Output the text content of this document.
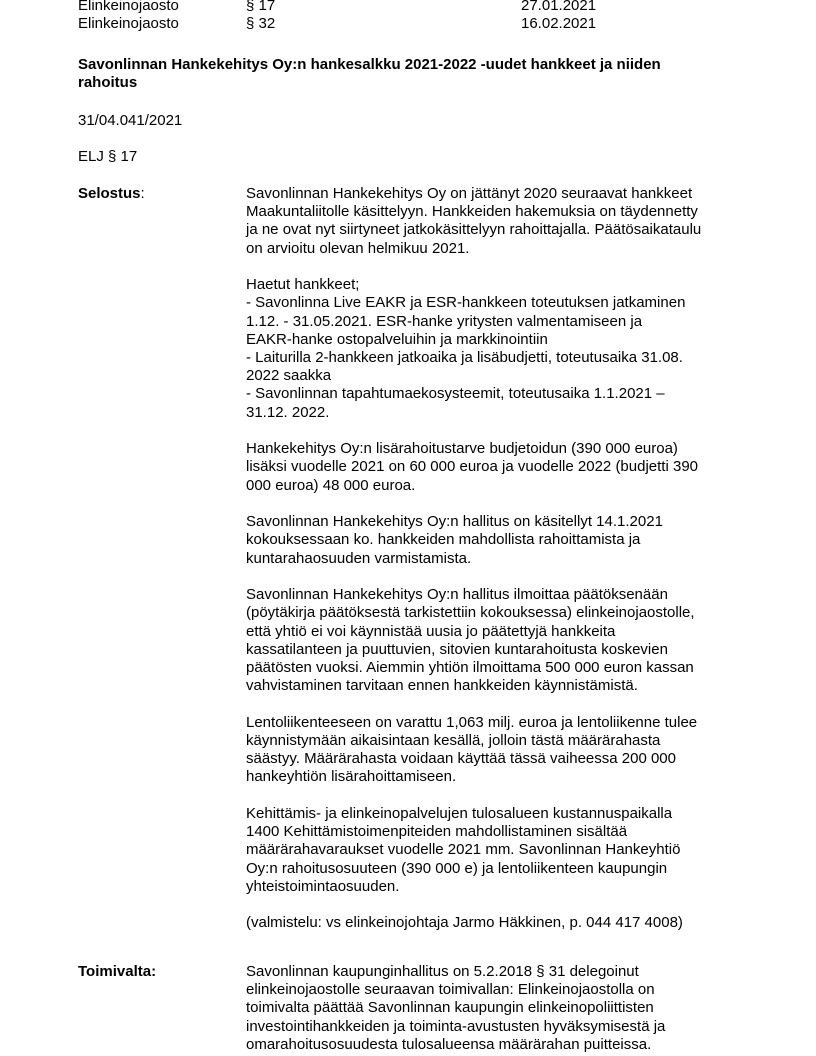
Elinkeinojaosto	§ 17	27.01.2021
Elinkeinojaosto	§ 32	16.02.2021
Savonlinnan Hankekehitys Oy:n hankesalkku 2021-2022 -uudet hankkeet ja niiden
rahoitus
31/04.041/2021
ELJ § 17
Selostus:	Savonlinnan Hankekehitys Oy on jättänyt 2020 seuraavat hankkeet
Maakuntaliitolle käsittelyyn. Hankkeiden hakemuksia on täydennetty
ja ne ovat nyt siirtyneet jatkokäsittelyyn rahoittajalla. Päätösaikataulu
on arvioitu olevan helmikuu 2021.
Haetut hankkeet;
- Savonlinna Live EAKR ja ESR-hankkeen toteutuksen jatkaminen
1.12. - 31.05.2021. ESR-hanke yritysten valmentamiseen ja
EAKR-hanke ostopalveluihin ja markkinointiin
- Laiturilla 2-hankkeen jatkoaika ja lisäbudjetti, toteutusaika 31.08.
2022 saakka
- Savonlinnan tapahtumaekosysteemit, toteutusaika 1.1.2021 –
31.12. 2022.
Hankekehitys Oy:n lisärahoitustarve budjetoidun (390 000 euroa)
lisäksi vuodelle 2021 on 60 000 euroa ja vuodelle 2022 (budjetti 390
000 euroa) 48 000 euroa.
Savonlinnan Hankekehitys Oy:n hallitus on käsitellyt 14.1.2021
kokouksessaan ko. hankkeiden mahdollista rahoittamista ja
kuntarahaosuuden varmistamista.
Savonlinnan Hankekehitys Oy:n hallitus ilmoittaa päätöksenään
(pöytäkirja päätöksestä tarkistettiin kokouksessa) elinkeinojaostolle,
että yhtiö ei voi käynnistää uusia jo päätettyjä hankkeita
kassatilanteen ja puuttuvien, sitovien kuntarahoitusta koskevien
päätösten vuoksi. Aiemmin yhtiön ilmoittama 500 000 euron kassan
vahvistaminen tarvitaan ennen hankkeiden käynnistämistä.
Lentoliikenteeseen on varattu 1,063 milj. euroa ja lentoliikenne tulee
käynnistymään aikaisintaan kesällä, jolloin tästä määrärahasta
säästyy. Määrärahasta voidaan käyttää tässä vaiheessa 200 000
hankeyhtiön lisärahoittamiseen.
Kehittämis- ja elinkeinopalvelujen tulosalueen kustannuspaikalla
1400 Kehittämistoimenpiteiden mahdollistaminen sisältää
määrärahavaraukset vuodelle 2021 mm. Savonlinnan Hankeyhtiö
Oy:n rahoitusosuuteen (390 000 e) ja lentoliikenteen kaupungin
yhteistoimintaosuuden.
(valmistelu: vs elinkeinojohtaja Jarmo Häkkinen, p. 044 417 4008)
Toimivalta:	Savonlinnan kaupunginhallitus on 5.2.2018 § 31 delegoinut
elinkeinojaostolle seuraavan toimivallan: Elinkeinojaostolla on
toimivalta päättää Savonlinnan kaupungin elinkeinopoliittisten
investointihankkeiden ja toiminta-avustusten hyväksymisestä ja
omarahoitusosuudesta tulosalueensa määrärahan puitteissa.
